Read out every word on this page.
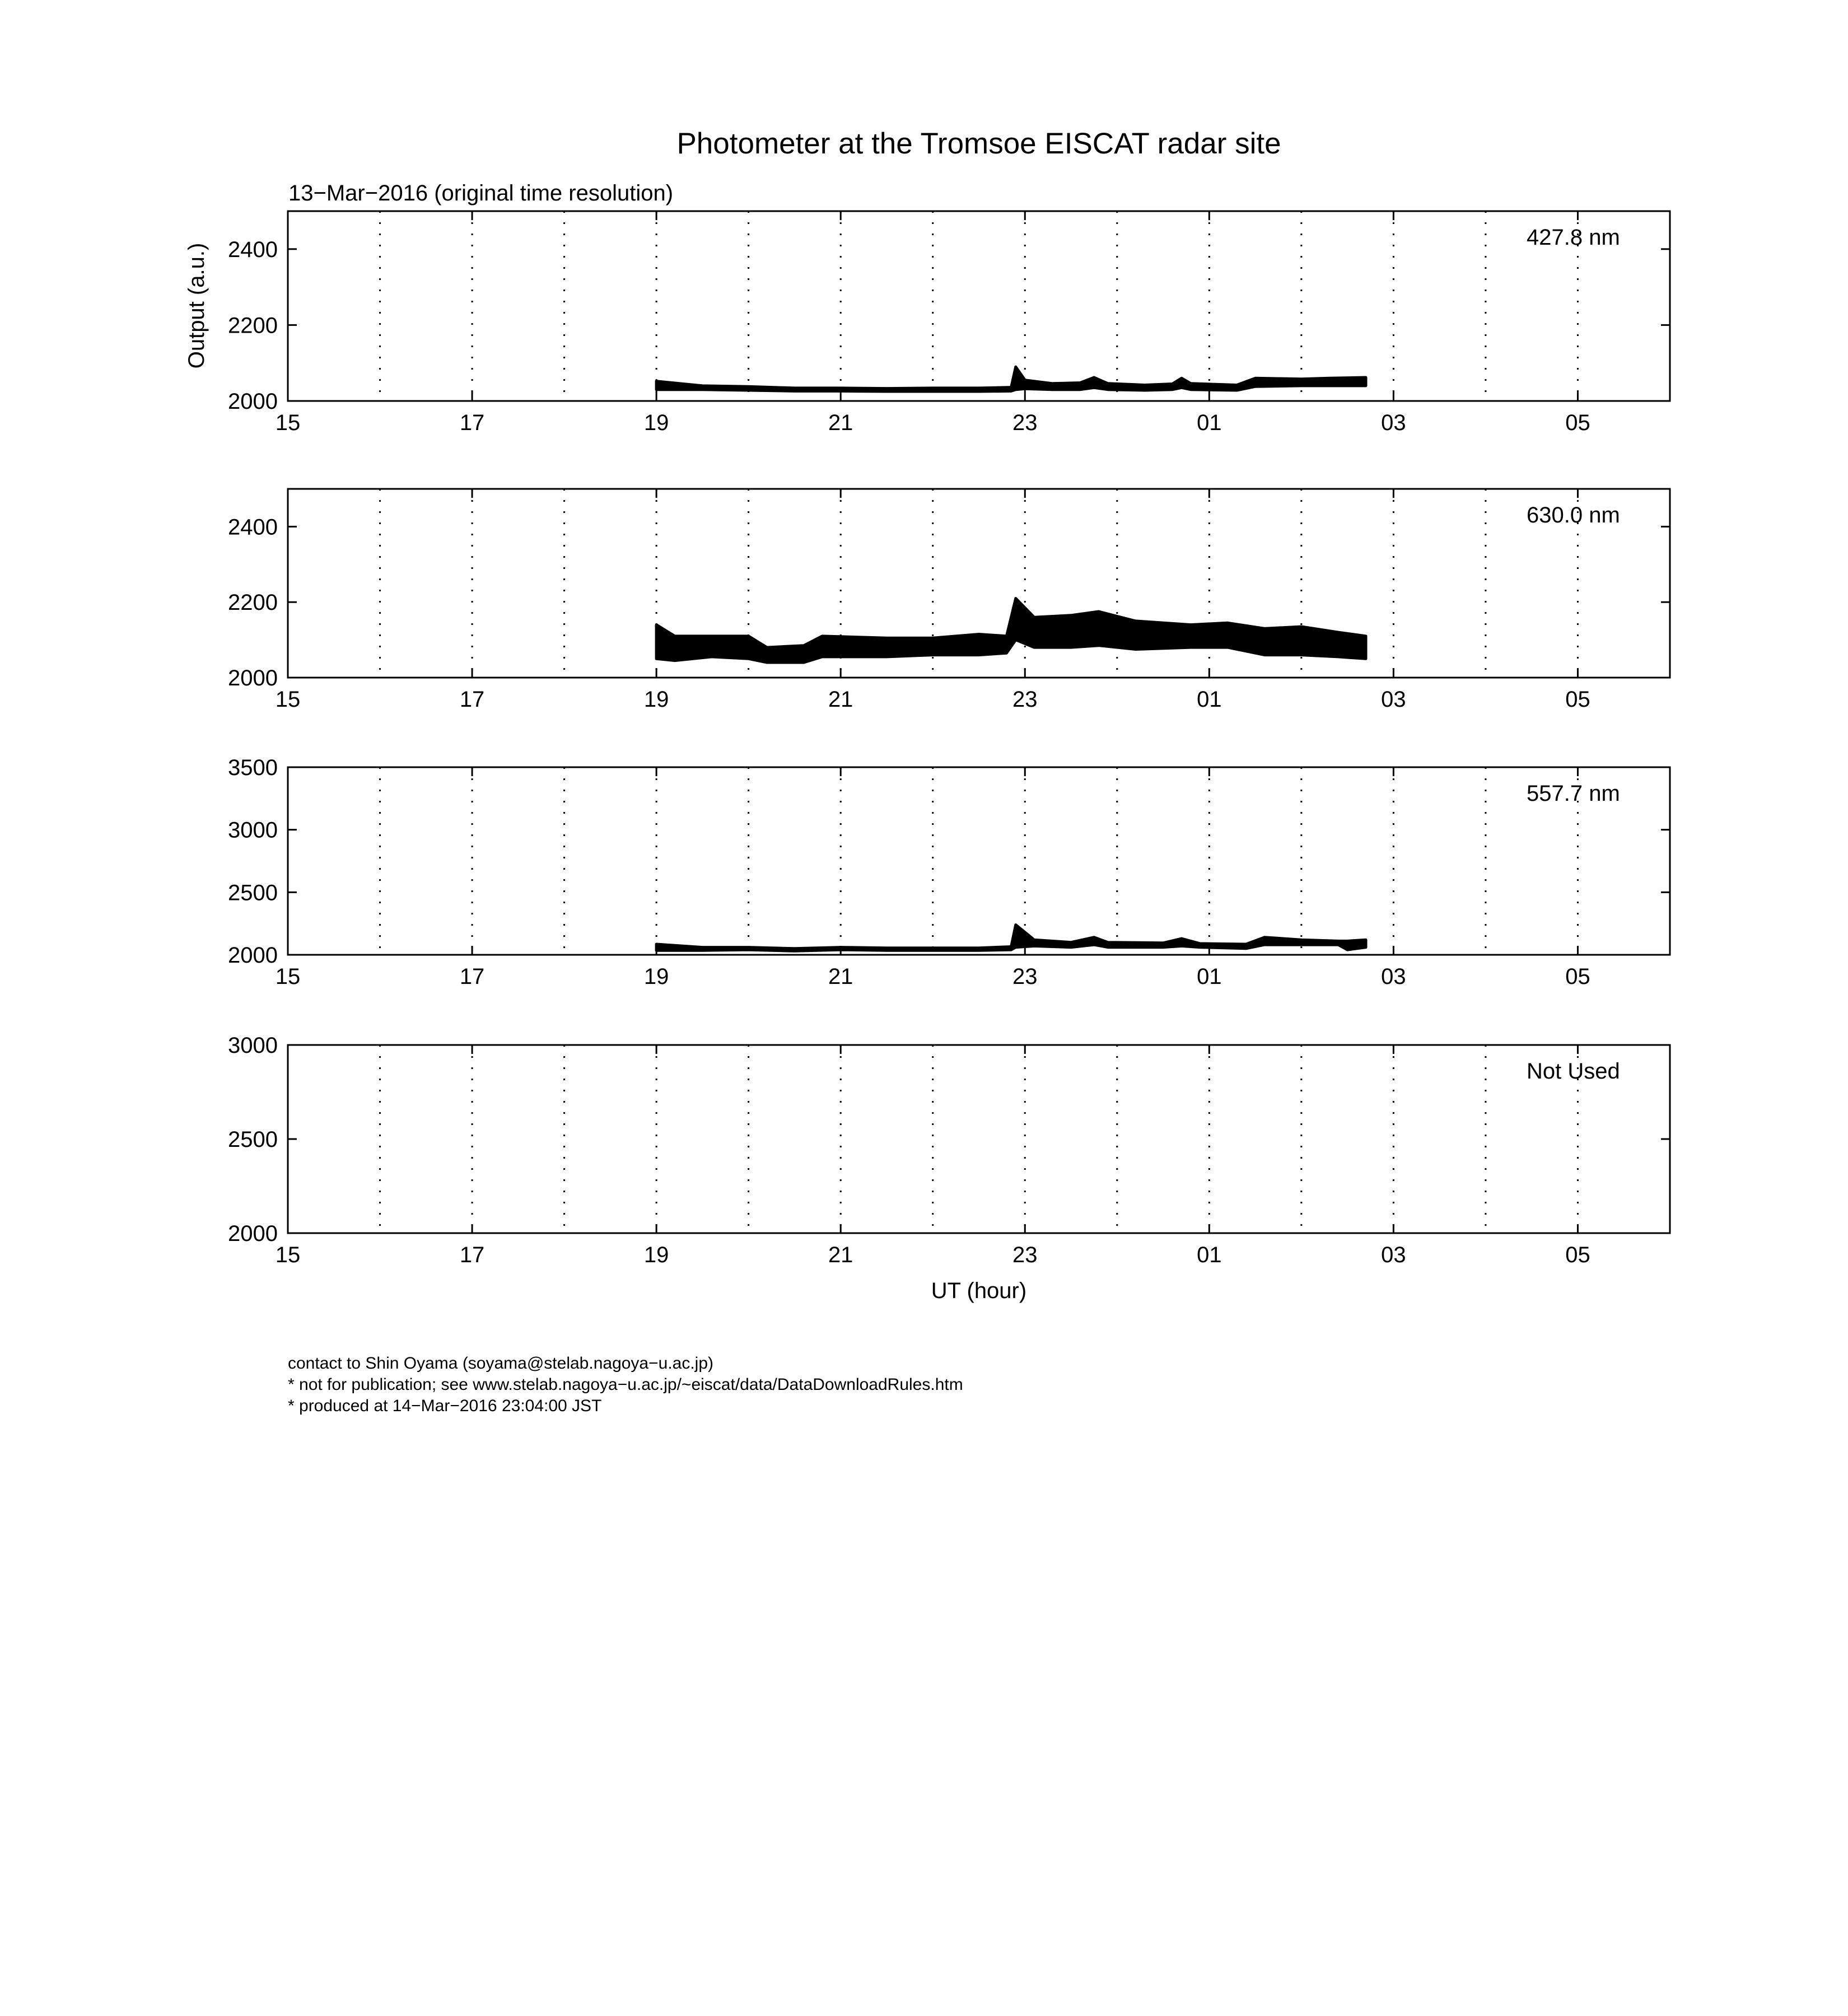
Photometer at the Tromsoe EISCAT radar site
13−Mar−2016 (original time resolution)
Output (a.u.)
UT (hour)
15	17	19	21	23	01	03	05
2000
2200
2400	427.8 nm
15	17	19	21	23	01	03	05
2000
2200
2400	630.0 nm
15	17	19	21	23	01	03	05
2000
2500
3000
3500
557.7 nm
15	17	19	21	23	01	03	05
2000
2500
3000
Not Used
contact to Shin Oyama (soyama@stelab.nagoya−u.ac.jp)
* not for publication; see www.stelab.nagoya−u.ac.jp/~eiscat/data/DataDownloadRules.htm
* produced at 14−Mar−2016 23:04:00 JST
